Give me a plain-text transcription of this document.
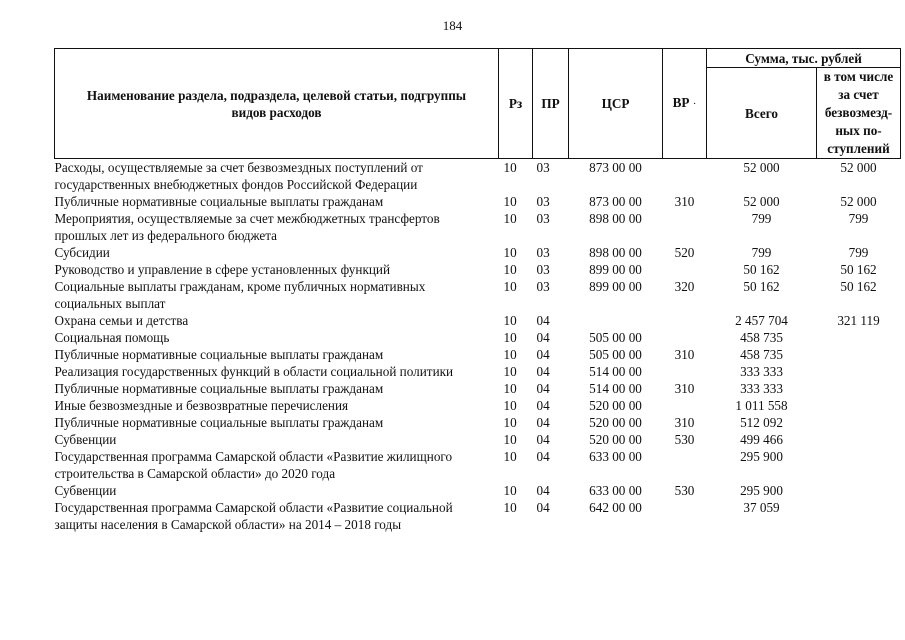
184
Наименование раздела, подраздела, целевой статьи, подгруппы видов расходов	Рз	ПР	ЦСР	ВР ·	Сумма, тыс. рублей	
					Всего	в том числе за счет безвозмезд-ных по-ступлений
Расходы, осуществляемые за счет безвозмездных поступлений от государственных внебюджетных фондов Российской Федерации	10	03	873 00 00		52 000	52 000
Публичные нормативные социальные выплаты гражданам	10	03	873 00 00	310	52 000	52 000
Мероприятия, осуществляемые за счет межбюджетных трансфертов прошлых лет из федерального бюджета	10	03	898 00 00		799	799
Субсидии	10	03	898 00 00	520	799	799
Руководство и управление в сфере установленных функций	10	03	899 00 00		50 162	50 162
Социальные выплаты гражданам, кроме публичных нормативных социальных выплат	10	03	899 00 00	320	50 162	50 162
Охрана семьи и детства	10	04			2 457 704	321 119
Социальная помощь	10	04	505 00 00		458 735	
Публичные нормативные социальные выплаты гражданам	10	04	505 00 00	310	458 735	
Реализация государственных функций в области социальной политики	10	04	514 00 00		333 333	
Публичные нормативные социальные выплаты гражданам	10	04	514 00 00	310	333 333	
Иные безвозмездные и безвозвратные перечисления	10	04	520 00 00		1 011 558	
Публичные нормативные социальные выплаты гражданам	10	04	520 00 00	310	512 092	
Субвенции	10	04	520 00 00	530	499 466	
Государственная программа Самарской области «Развитие жилищного строительства в Самарской области» до 2020 года	10	04	633 00 00		295 900	
Субвенции	10	04	633 00 00	530	295 900	
Государственная программа Самарской области «Развитие социальной защиты населения в Самарской области» на 2014 – 2018 годы	10	04	642 00 00		37 059	
